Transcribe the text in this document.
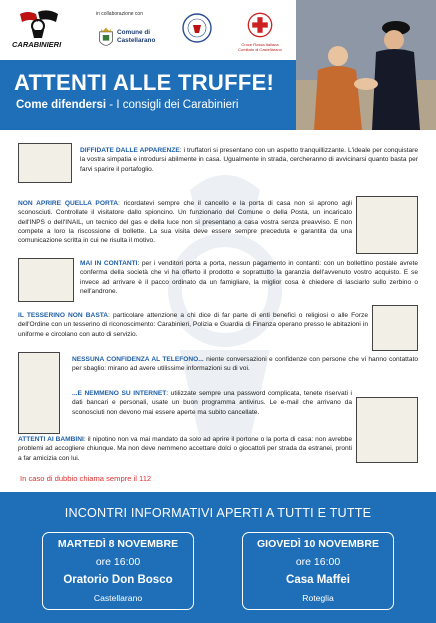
CARABINIERI
in collaborazione con
Comune di Castellarano
Croce Rossa Italiana Comitato di Castellarano
ATTENTI ALLE TRUFFE!
Come difendersi - I consigli dei Carabinieri
DIFFIDATE DALLE APPARENZE: i truffatori si presentano con un aspetto tranquillizzante. L'ideale per conquistare la vostra simpatia e introdursi abilmente in casa. Ugualmente in strada, cercheranno di avvicinarsi quanto basta per farvi sparire il portafoglio.
NON APRIRE QUELLA PORTA: ricordatevi sempre che il cancello e la porta di casa non si aprono agli sconosciuti. Controllate il visitatore dallo spioncino. Un funzionario del Comune o della Posta, un incaricato dell'INPS o dell'INAIL, un tecnico del gas e della luce non si presentano a casa vostra senza preavviso. E non compete a loro la riscossione di bollette. La sua visita deve essere sempre preceduta e garantita da una comunicazione scritta in cui ne risulta il motivo.
MAI IN CONTANTI: per i venditori porta a porta, nessun pagamento in contanti: con un bollettino postale avrete conferma della società che vi ha offerto il prodotto e soprattutto la garanzia dell'avvenuto vostro acquisto. E se invece ad arrivare è il pacco ordinato da un famigliare, la miglior cosa è chiedere di lasciarlo sullo zerbino o nell'androne.
IL TESSERINO NON BASTA: particolare attenzione a chi dice di far parte di enti benefici o religiosi o alle Forze dell'Ordine con un tesserino di riconoscimento: Carabinieri, Polizia e Guardia di Finanza operano presso le abitazioni in uniforme e circolano con auto di servizio.
NESSUNA CONFIDENZA AL TELEFONO... niente conversazioni e confidenze con persone che vi hanno contattato per sbaglio: mirano ad avere utilissime informazioni su di voi.
...E NEMMENO SU INTERNET: utilizzate sempre una password complicata, tenete riservati i dati bancari e personali, usate un buon programma antivirus. Le e-mail che arrivano da sconosciuti non devono mai essere aperte ma subito cancellate.
ATTENTI AI BAMBINI: il nipotino non va mai mandato da solo ad aprire il portone o la porta di casa: non avrebbe problemi ad accogliere chiunque. Ma non deve nemmeno accettare dolci o giocattoli per strada da estranei, pronti a far amicizia con lui.
In caso di dubbio chiama sempre il 112
INCONTRI INFORMATIVI APERTI A TUTTI E TUTTE
MARTEDÌ 8 NOVEMBRE
ore 16:00
Oratorio Don Bosco
Castellarano
GIOVEDÌ 10 NOVEMBRE
ore 16:00
Casa Maffei
Roteglia
